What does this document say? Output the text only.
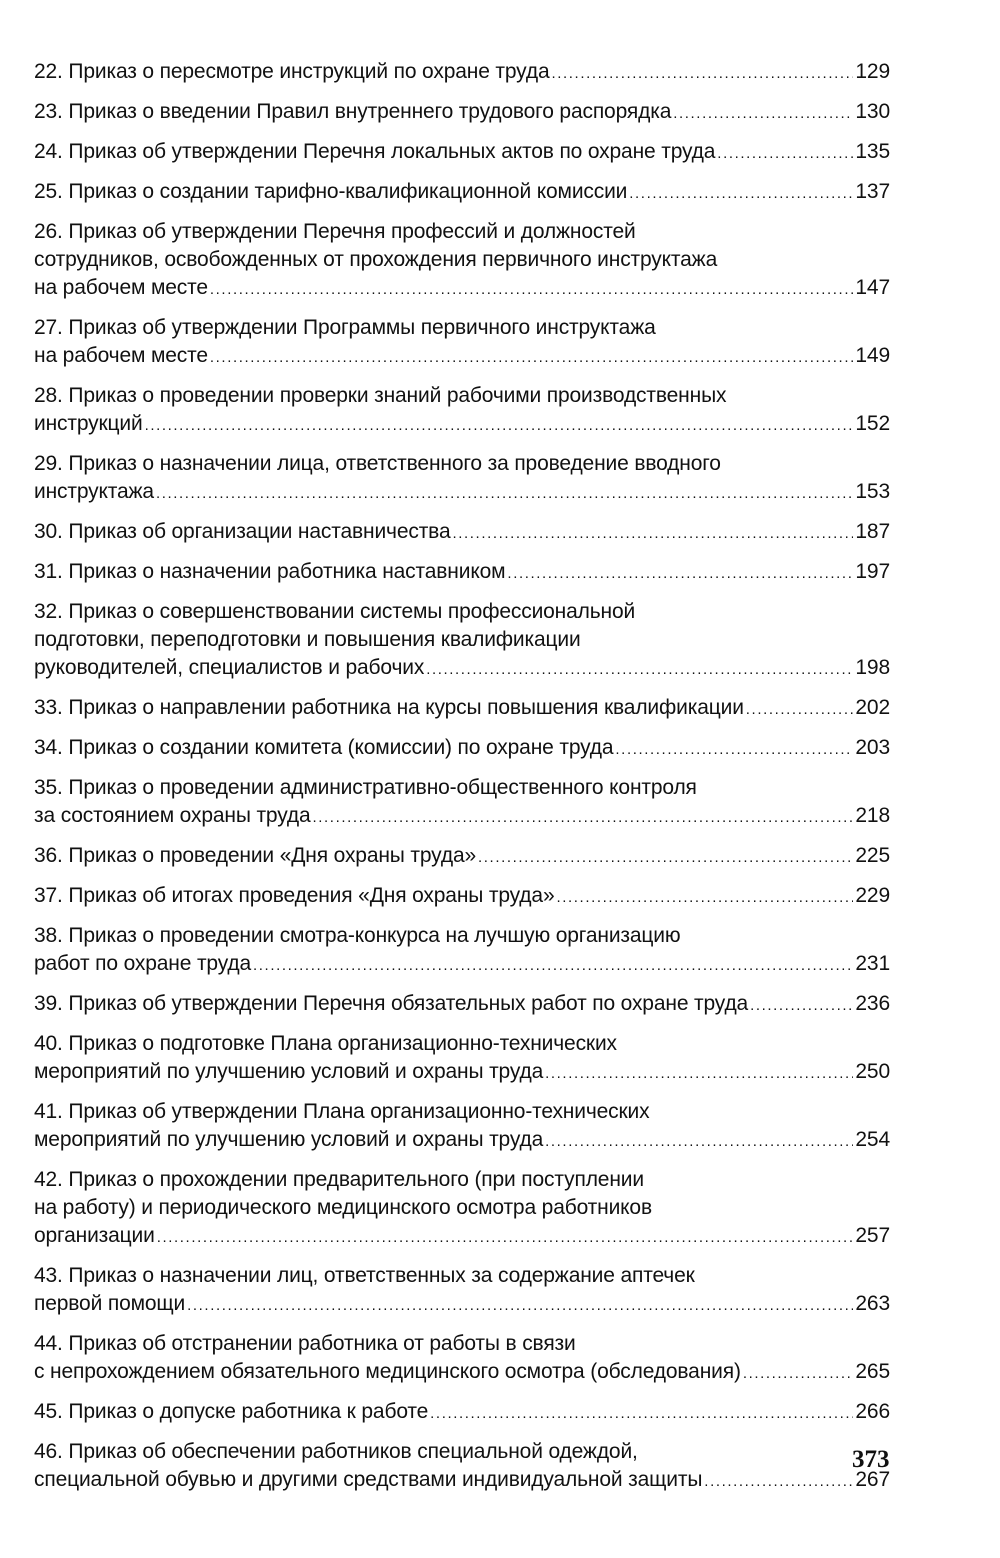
22. Приказ о пересмотре инструкций по охране труда .....	129
23. Приказ о введении Правил внутреннего трудового распорядка .....	130
24. Приказ об утверждении Перечня локальных актов по охране труда .....	135
25. Приказ о создании тарифно-квалификационной комиссии .....	137
26. Приказ об утверждении Перечня профессий и должностей
сотрудников, освобожденных от прохождения первичного инструктажа
на рабочем месте .....	147
27. Приказ об утверждении Программы первичного инструктажа
на рабочем месте .....	149
28. Приказ о проведении проверки знаний рабочими производственных
инструкций .....	152
29. Приказ о назначении лица, ответственного за проведение вводного
инструктажа .....	153
30. Приказ об организации наставничества .....	187
31. Приказ о назначении работника наставником .....	197
32. Приказ о совершенствовании системы профессиональной
подготовки, переподготовки и повышения квалификации
руководителей, специалистов и рабочих .....	198
33. Приказ о направлении работника на курсы повышения квалификации .....	202
34. Приказ о создании комитета (комиссии) по охране труда .....	203
35. Приказ о проведении административно-общественного контроля
за состоянием охраны труда .....	218
36. Приказ о проведении «Дня охраны труда» .....	225
37. Приказ об итогах проведения «Дня охраны труда» .....	229
38. Приказ о проведении смотра-конкурса на лучшую организацию
работ по охране труда .....	231
39. Приказ об утверждении Перечня обязательных работ по охране труда .....	236
40. Приказ о подготовке Плана организационно-технических
мероприятий по улучшению условий и охраны труда .....	250
41. Приказ об утверждении Плана организационно-технических
мероприятий по улучшению условий и охраны труда .....	254
42. Приказ о прохождении предварительного (при поступлении
на работу) и периодического медицинского осмотра работников
организации .....	257
43. Приказ о назначении лиц, ответственных за содержание аптечек
первой помощи .....	263
44. Приказ об отстранении работника от работы в связи
с непрохождением обязательного медицинского осмотра (обследования) .....	265
45. Приказ о допуске работника к работе .....	266
46. Приказ об обеспечении работников специальной одеждой,
специальной обувью и другими средствами индивидуальной защиты .....	267
373
